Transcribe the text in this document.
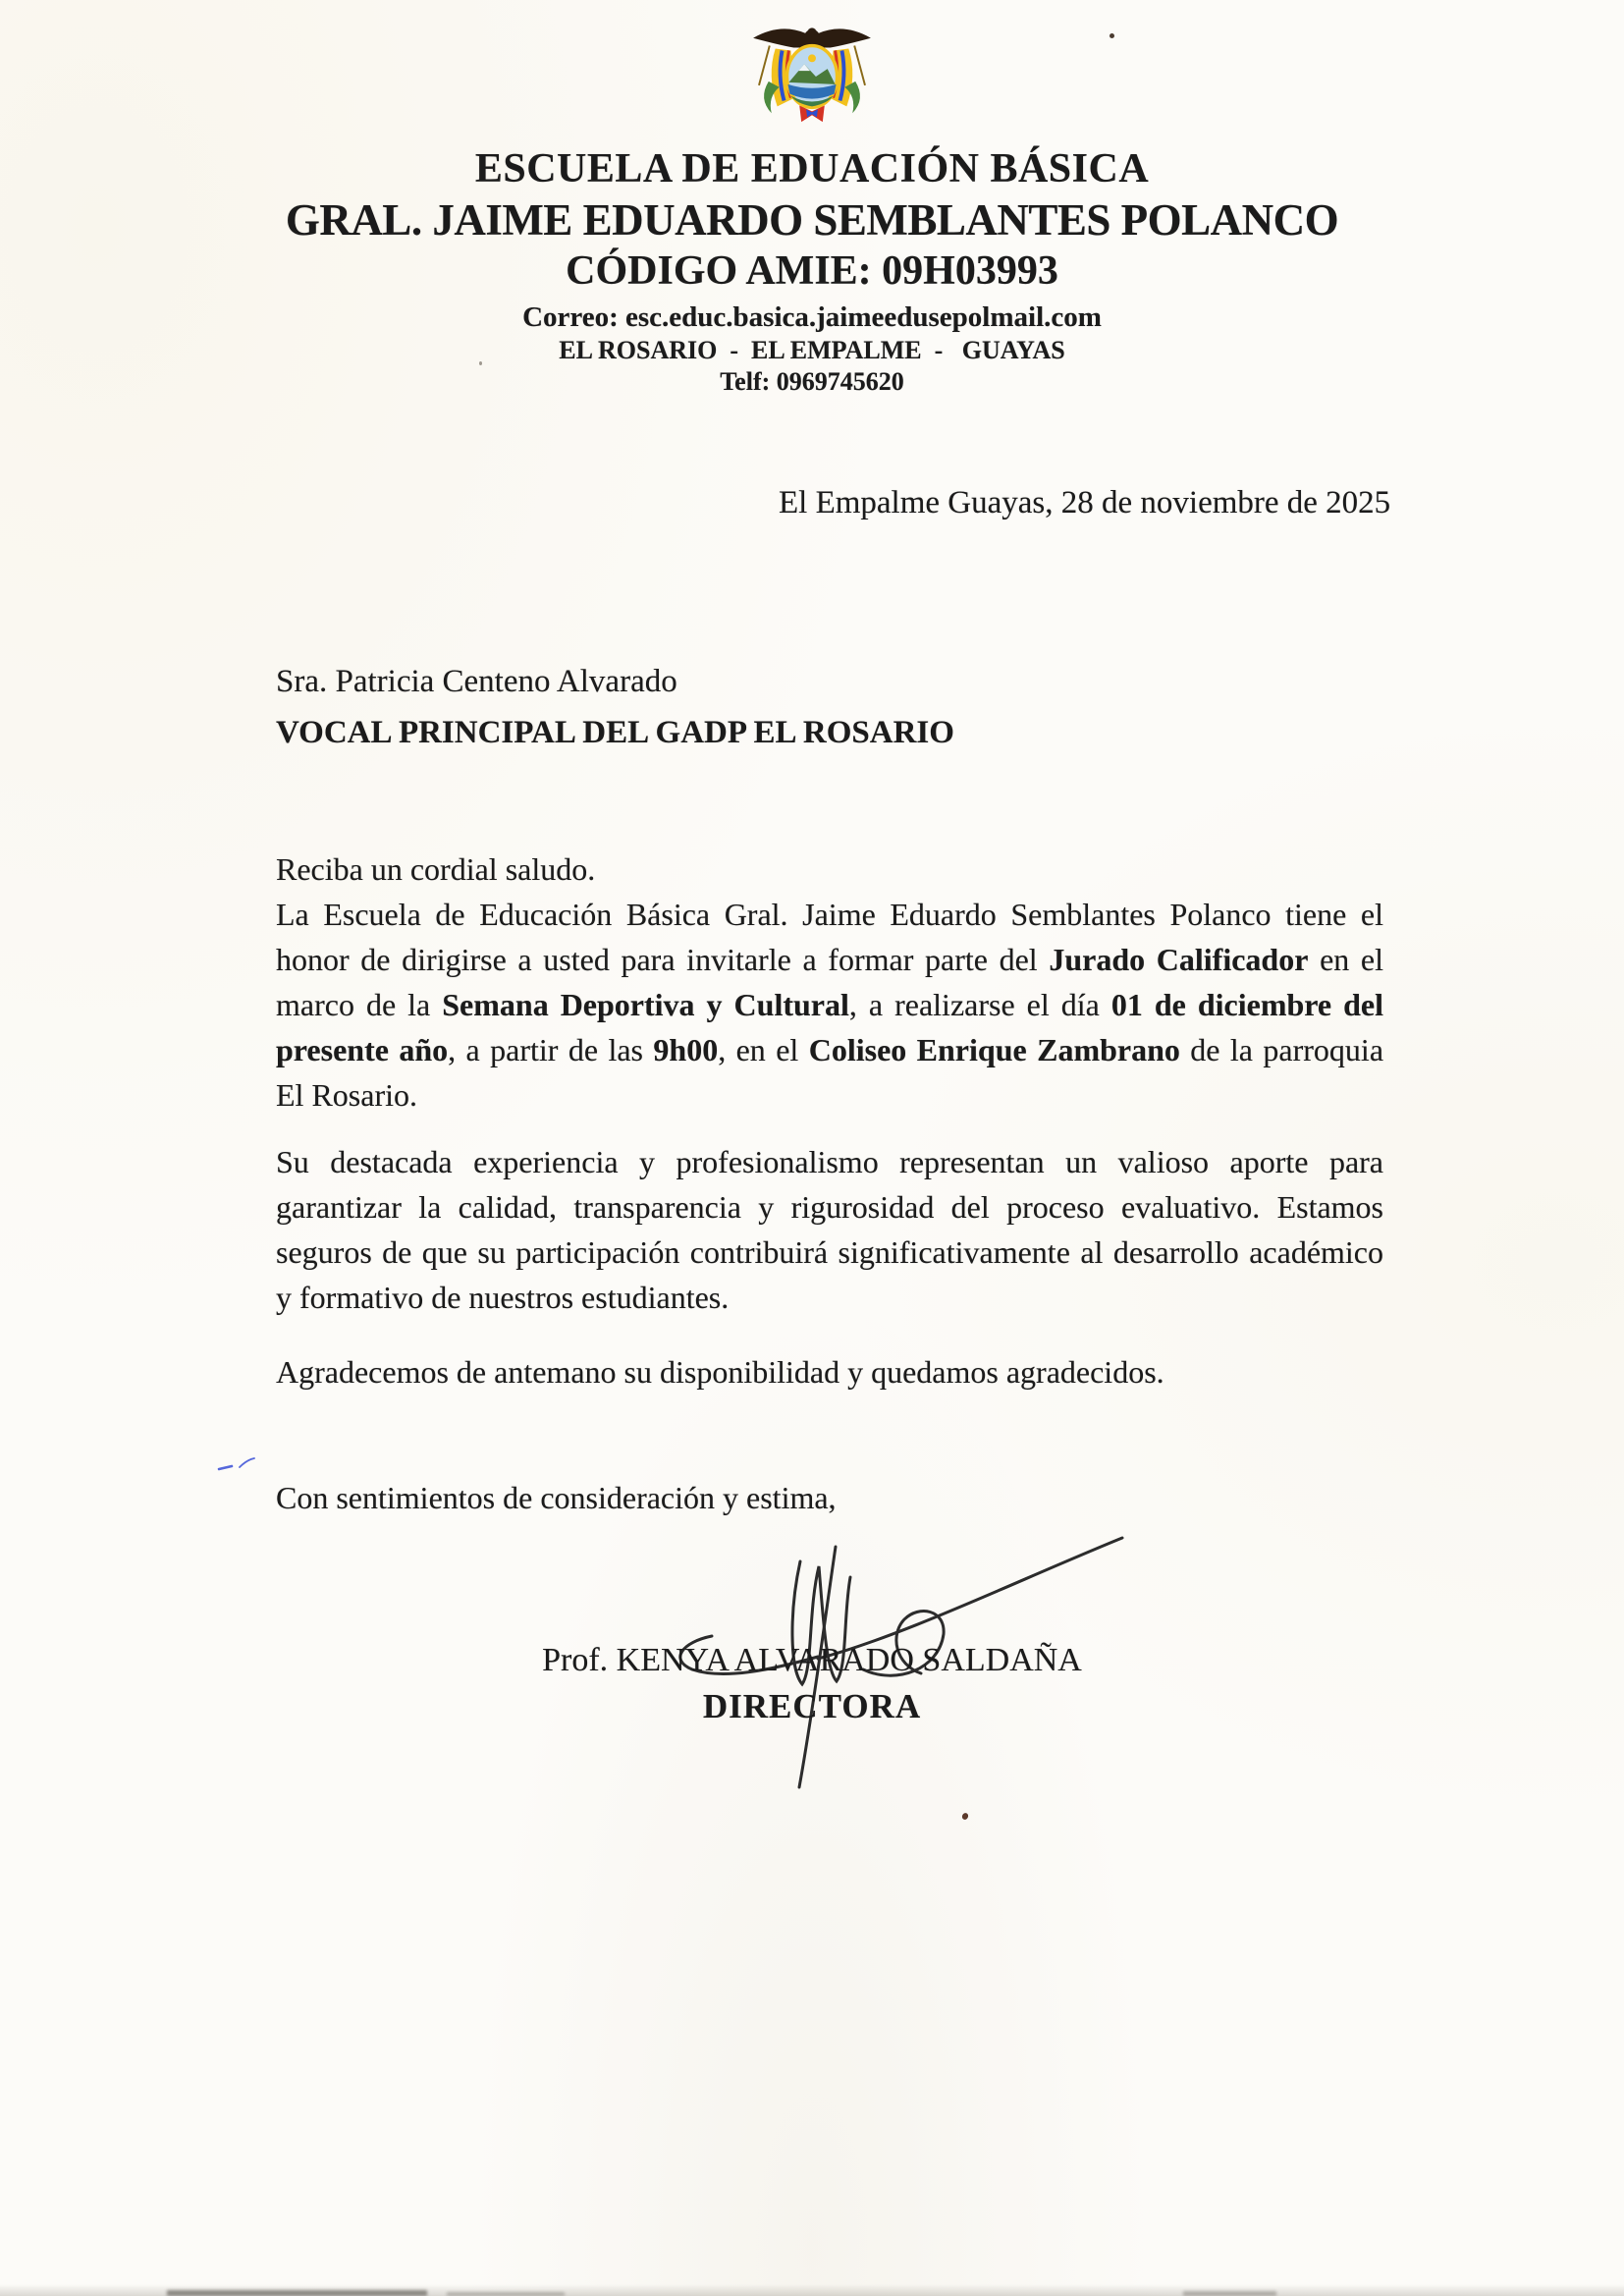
ESCUELA DE EDUACIÓN BÁSICA
GRAL. JAIME EDUARDO SEMBLANTES POLANCO
CÓDIGO AMIE: 09H03993
Correo: esc.educ.basica.jaimeedusepolmail.com
EL ROSARIO  -  EL EMPALME  -   GUAYAS
Telf: 0969745620
El Empalme Guayas, 28 de noviembre de 2025
Sra. Patricia Centeno Alvarado
VOCAL PRINCIPAL DEL GADP EL ROSARIO

Reciba un cordial saludo.

La Escuela de Educación Básica Gral. Jaime Eduardo Semblantes Polanco tiene el honor de dirigirse a usted para invitarle a formar parte del Jurado Calificador en el marco de la Semana Deportiva y Cultural, a realizarse el día 01 de diciembre del presente año, a partir de las 9h00, en el Coliseo Enrique Zambrano de la parroquia El Rosario.

Su destacada experiencia y profesionalismo representan un valioso aporte para garantizar la calidad, transparencia y rigurosidad del proceso evaluativo. Estamos seguros de que su participación contribuirá significativamente al desarrollo académico y formativo de nuestros estudiantes.

Agradecemos de antemano su disponibilidad y quedamos agradecidos.

Con sentimientos de consideración y estima,

Prof. KENYA ALVARADO SALDAÑA
DIRECTORA
